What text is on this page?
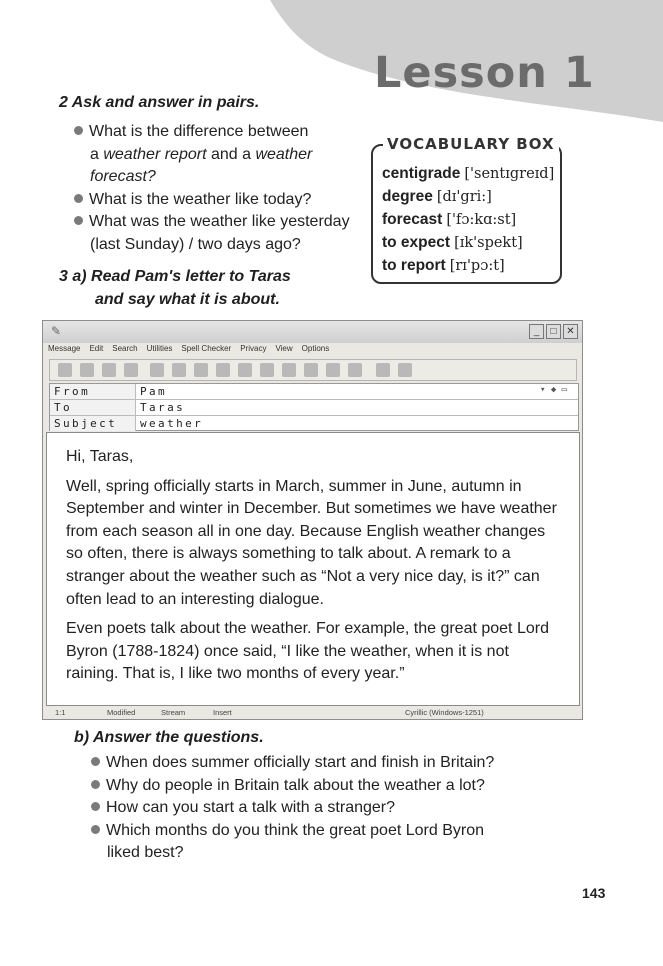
Lesson 1
2 Ask and answer in pairs.
What is the difference between
a weather report and a weather
forecast?
What is the weather like today?
What was the weather like yesterday
(last Sunday) / two days ago?
centigrade ['sentɪgreɪd]
degree [dɪ'gri:]
forecast ['fɔ:kɑ:st]
to expect [ɪk'spekt]
to report [rɪ'pɔ:t]
VOCABULARY BOX
3 a) Read Pam's letter to Taras
and say what it is about.
✎	_	□ ✕
Message Edit Search Utilities Spell Checker Privacy View Options
From	Pam	▾ ◆ ▭
To	Taras
Subject	weather

Hi, Taras,

Well, spring officially starts in March, summer in June, autumn in September and winter in December. But sometimes we have weather from each season all in one day. Because English weather changes so often, there is always something to talk about. A remark to a stranger about the weather such as “Not a very nice day, is it?” can often lead to an interesting dialogue.

Even poets talk about the weather. For example, the great poet Lord Byron (1788-1824) once said, “I like the weather, when it is not raining. That is, I like two months of every year.”

1:1	Modified	Stream	Insert	Cyrillic (Windows-1251)
b) Answer the questions.
When does summer officially start and finish in Britain?
Why do people in Britain talk about the weather a lot?
How can you start a talk with a stranger?
Which months do you think the great poet Lord Byron
liked best?
143
